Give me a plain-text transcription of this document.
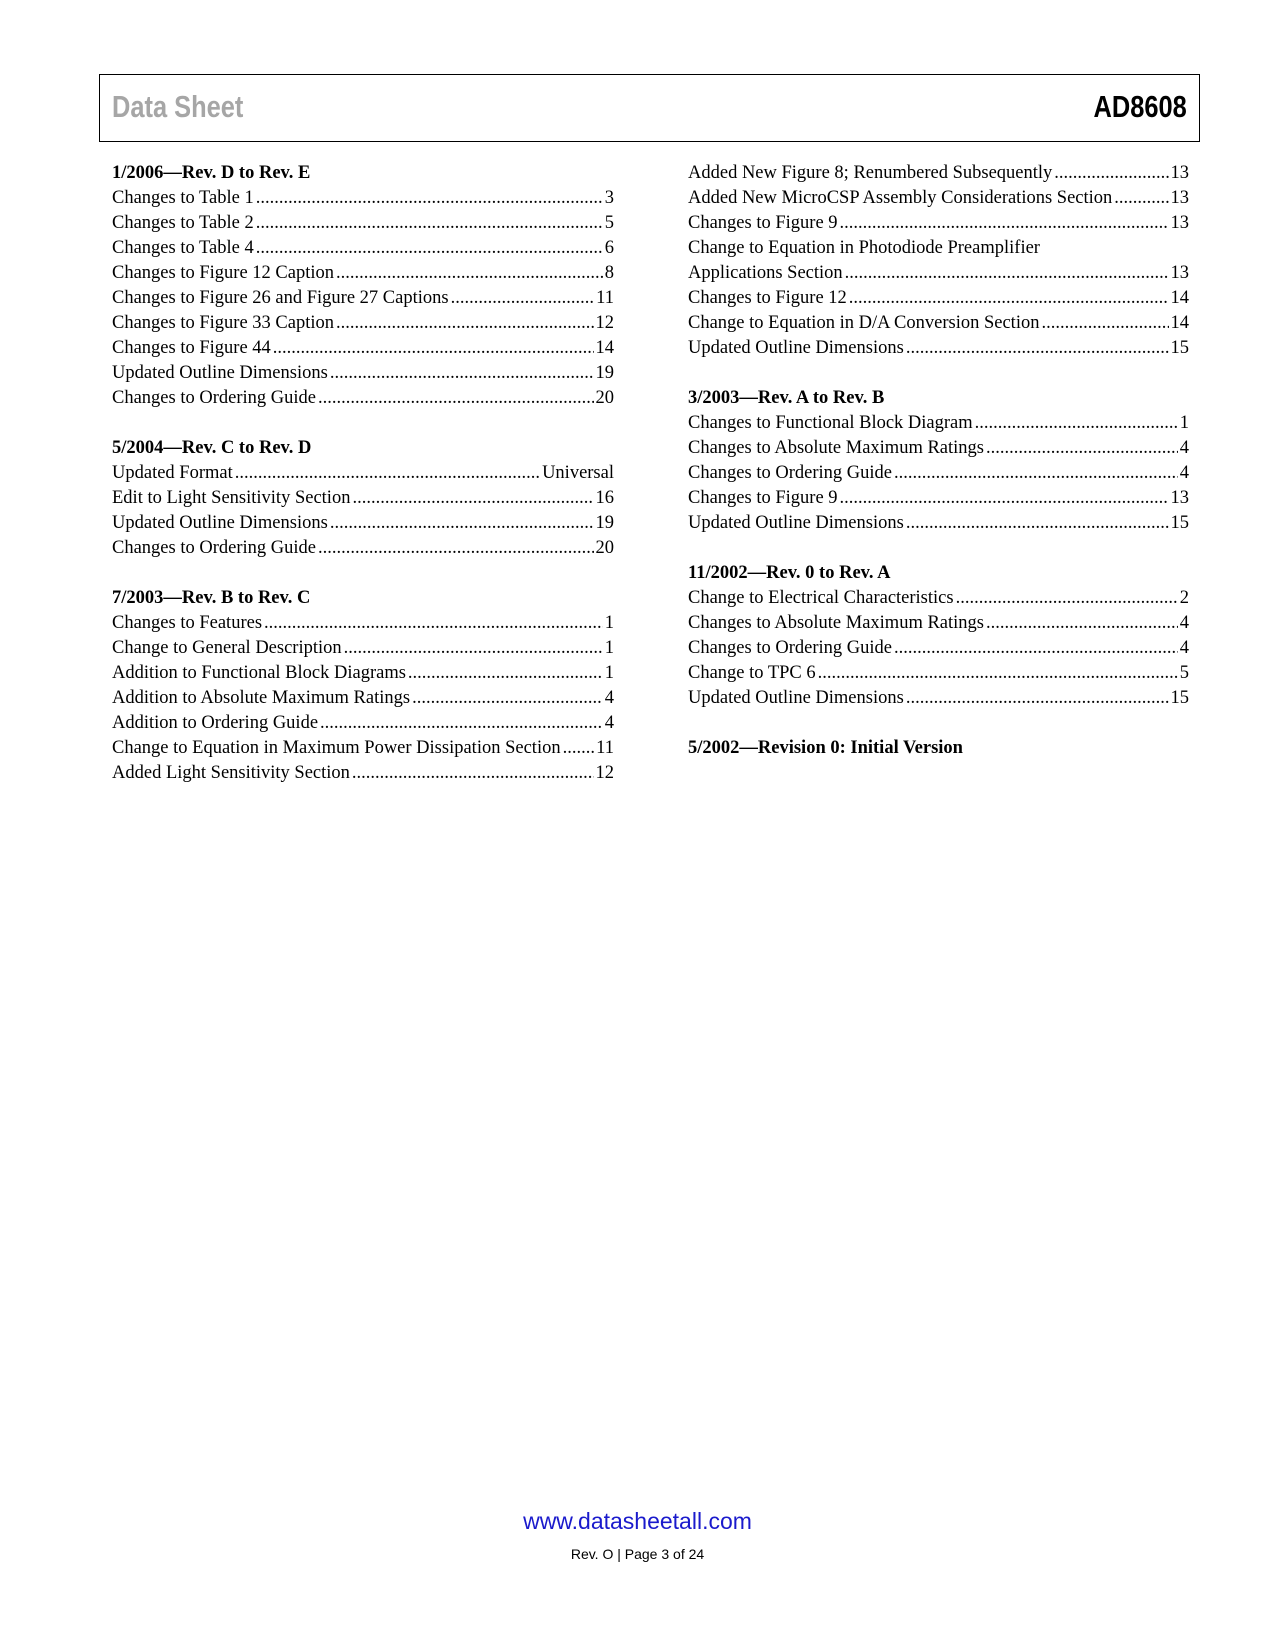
Data Sheet	AD8608
1/2006—Rev. D to Rev. E
Changes to Table 1 .....	3
Changes to Table 2 .....	5
Changes to Table 4 .....	6
Changes to Figure 12 Caption .....	8
Changes to Figure 26 and Figure 27 Captions .....	11
Changes to Figure 33 Caption .....	12
Changes to Figure 44 .....	14
Updated Outline Dimensions .....	19
Changes to Ordering Guide .....	20
5/2004—Rev. C to Rev. D
Updated Format .....	Universal
Edit to Light Sensitivity Section .....	16
Updated Outline Dimensions .....	19
Changes to Ordering Guide .....	20
7/2003—Rev. B to Rev. C
Changes to Features .....	1
Change to General Description .....	1
Addition to Functional Block Diagrams .....	1
Addition to Absolute Maximum Ratings .....	4
Addition to Ordering Guide .....	4
Change to Equation in Maximum Power Dissipation Section ..... 11
Added Light Sensitivity Section .....	12
Added New Figure 8; Renumbered Subsequently .....	13
Added New MicroCSP Assembly Considerations Section .....	13
Changes to Figure 9 .....	13
Change to Equation in Photodiode Preamplifier
Applications Section .....	13
Changes to Figure 12 .....	14
Change to Equation in D/A Conversion Section .....	14
Updated Outline Dimensions .....	15
3/2003—Rev. A to Rev. B
Changes to Functional Block Diagram .....	1
Changes to Absolute Maximum Ratings .....	4
Changes to Ordering Guide .....	4
Changes to Figure 9 .....	13
Updated Outline Dimensions .....	15
11/2002—Rev. 0 to Rev. A
Change to Electrical Characteristics .....	2
Changes to Absolute Maximum Ratings .....	4
Changes to Ordering Guide .....	4
Change to TPC 6 .....	5
Updated Outline Dimensions .....	15
5/2002—Revision 0: Initial Version
www.datasheetall.com
Rev. O | Page 3 of 24
